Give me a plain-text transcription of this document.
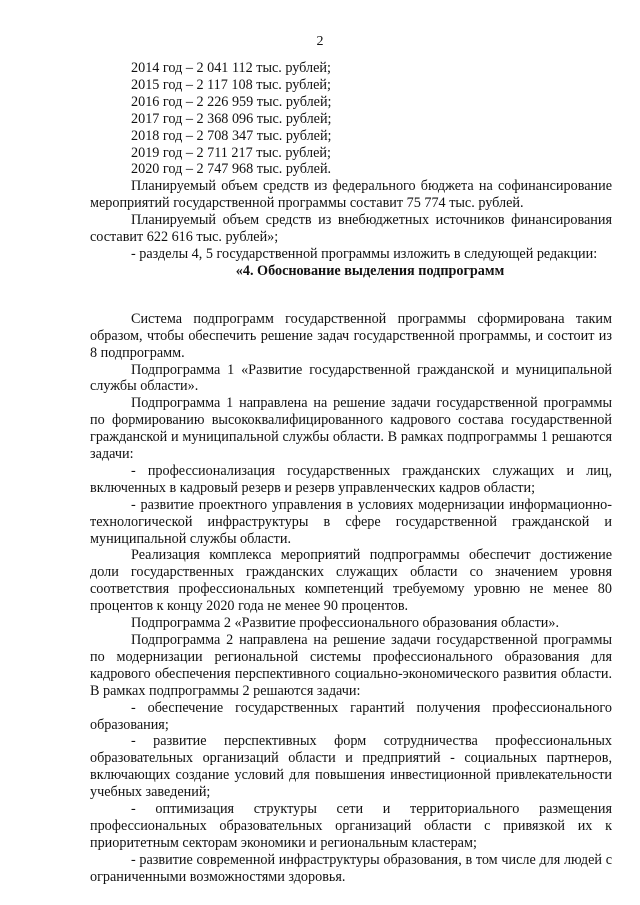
2
2014 год – 2 041 112 тыс. рублей;
2015 год – 2 117 108 тыс. рублей;
2016 год – 2 226 959 тыс. рублей;
2017 год – 2 368 096 тыс. рублей;
2018 год – 2 708 347 тыс. рублей;
2019 год – 2 711 217 тыс. рублей;
2020 год – 2 747 968 тыс. рублей.

Планируемый объем средств из федерального бюджета на софинансирование мероприятий государственной программы составит 75 774 тыс. рублей.

Планируемый объем средств из внебюджетных источников финансирования составит 622 616 тыс. рублей»;

- разделы 4, 5 государственной программы изложить в следующей редакции:

«4. Обоснование выделения подпрограмм

Система подпрограмм государственной программы сформирована таким образом, чтобы обеспечить решение задач государственной программы, и состоит из 8 подпрограмм.

Подпрограмма 1 «Развитие государственной гражданской и муниципальной службы области».

Подпрограмма 1 направлена на решение задачи государственной программы по формированию высококвалифицированного кадрового состава государственной гражданской и муниципальной службы области. В рамках подпрограммы 1 решаются задачи:

- профессионализация государственных гражданских служащих и лиц, включенных в кадровый резерв и резерв управленческих кадров области;

- развитие проектного управления в условиях модернизации информационно-технологической инфраструктуры в сфере государственной гражданской и муниципальной службы области.

Реализация комплекса мероприятий подпрограммы обеспечит достижение доли государственных гражданских служащих области со значением уровня соответствия профессиональных компетенций требуемому уровню не менее 80 процентов к концу 2020 года не менее 90 процентов.

Подпрограмма 2 «Развитие профессионального образования области».

Подпрограмма 2 направлена на решение задачи государственной программы по модернизации региональной системы профессионального образования для кадрового обеспечения перспективного социально-экономического развития области. В рамках подпрограммы 2 решаются задачи:

- обеспечение государственных гарантий получения профессионального образования;

- развитие перспективных форм сотрудничества профессиональных образовательных организаций области и предприятий - социальных партнеров, включающих создание условий для повышения инвестиционной привлекательности учебных заведений;

- оптимизация структуры сети и территориального размещения профессиональных образовательных организаций области с привязкой их к приоритетным секторам экономики и региональным кластерам;

- развитие современной инфраструктуры образования, в том числе для людей с ограниченными возможностями здоровья.
